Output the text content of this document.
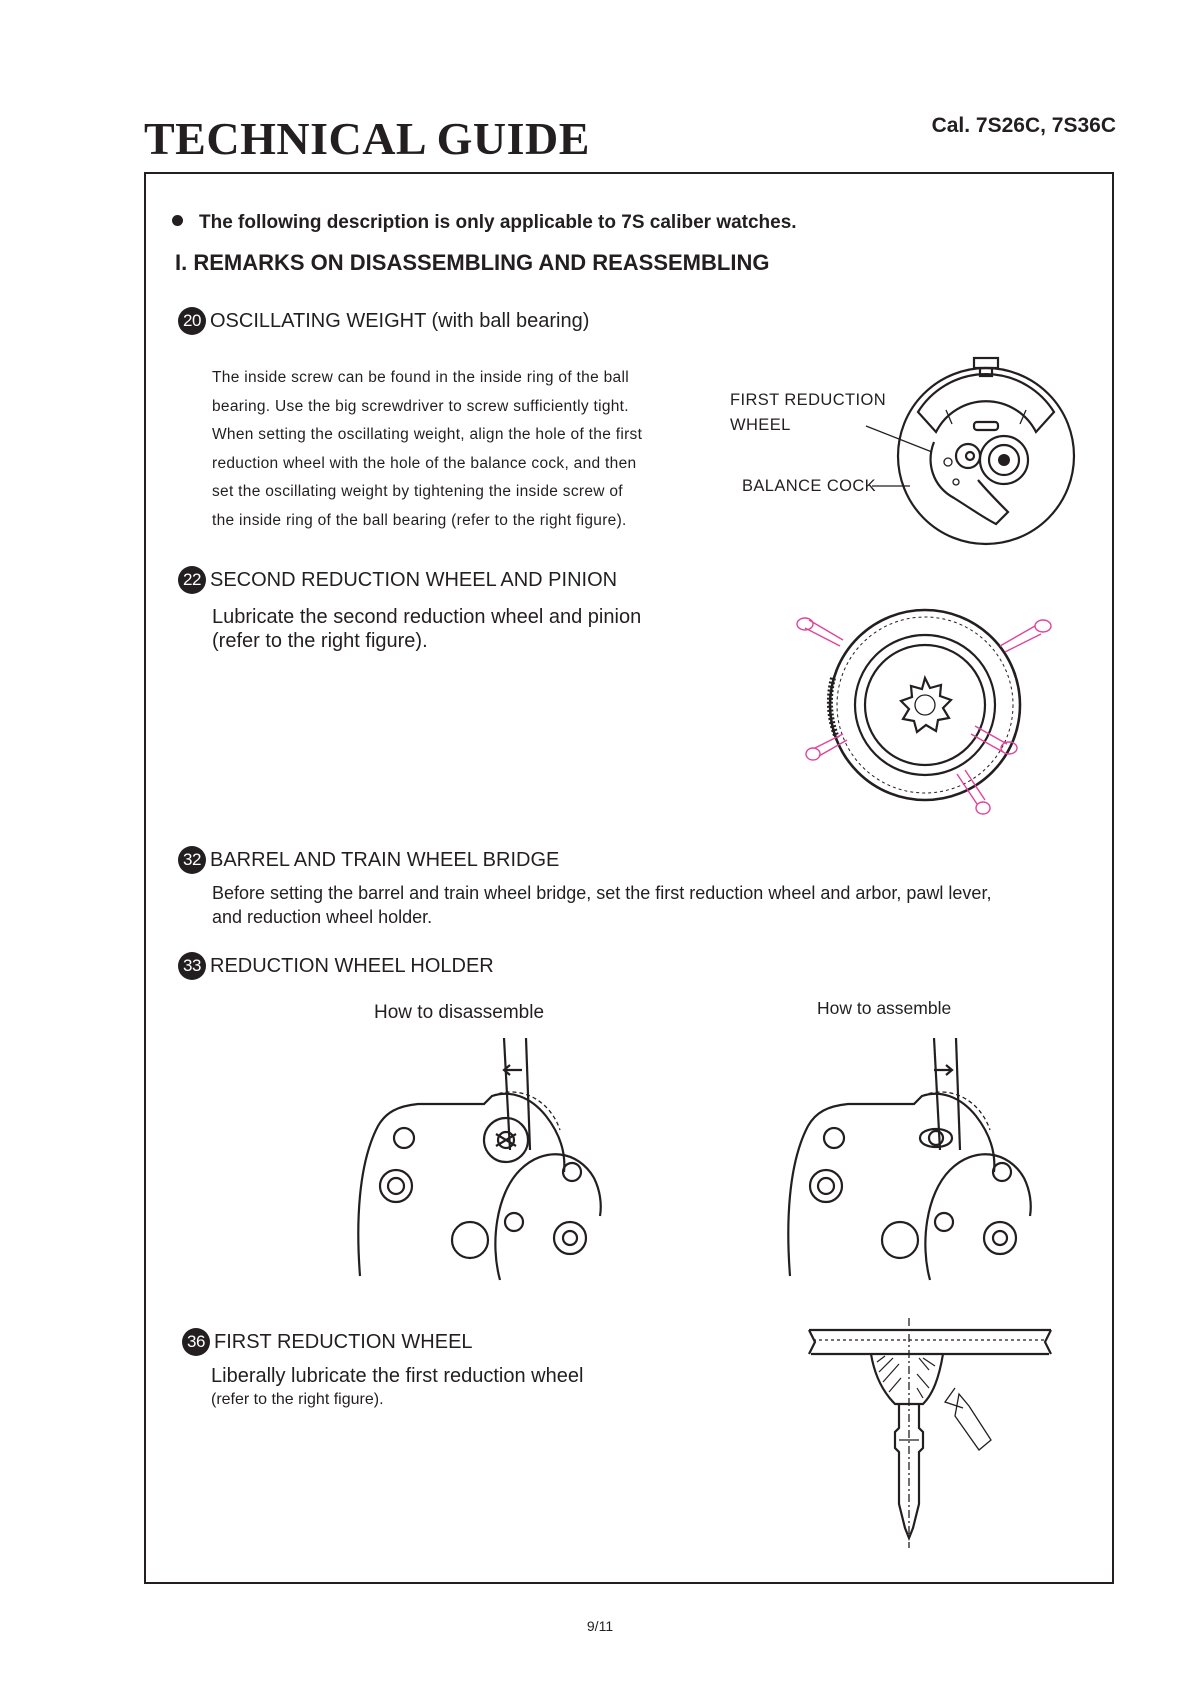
TECHNICAL GUIDE	Cal. 7S26C, 7S36C
The following description is only applicable to 7S caliber watches.
I. REMARKS ON DISASSEMBLING AND REASSEMBLING
20 OSCILLATING WEIGHT (with ball bearing)
The inside screw can be found in the inside ring of the ball
bearing. Use the big screwdriver to screw sufficiently tight.
When setting the oscillating weight, align the hole of the first
reduction wheel with the hole of the balance cock, and then
set the oscillating weight by tightening the inside screw of
the inside ring of the ball bearing (refer to the right figure).
FIRST REDUCTION
WHEEL
BALANCE COCK
22 SECOND REDUCTION WHEEL AND PINION
Lubricate the second reduction wheel and pinion
(refer to the right figure).
32 BARREL AND TRAIN WHEEL BRIDGE
Before setting the barrel and train wheel bridge, set the first reduction wheel and arbor, pawl lever,
and reduction wheel holder.
33 REDUCTION WHEEL HOLDER
How to disassemble	How to assemble
36 FIRST REDUCTION WHEEL
Liberally lubricate the first reduction wheel
(refer to the right figure).
9/11
